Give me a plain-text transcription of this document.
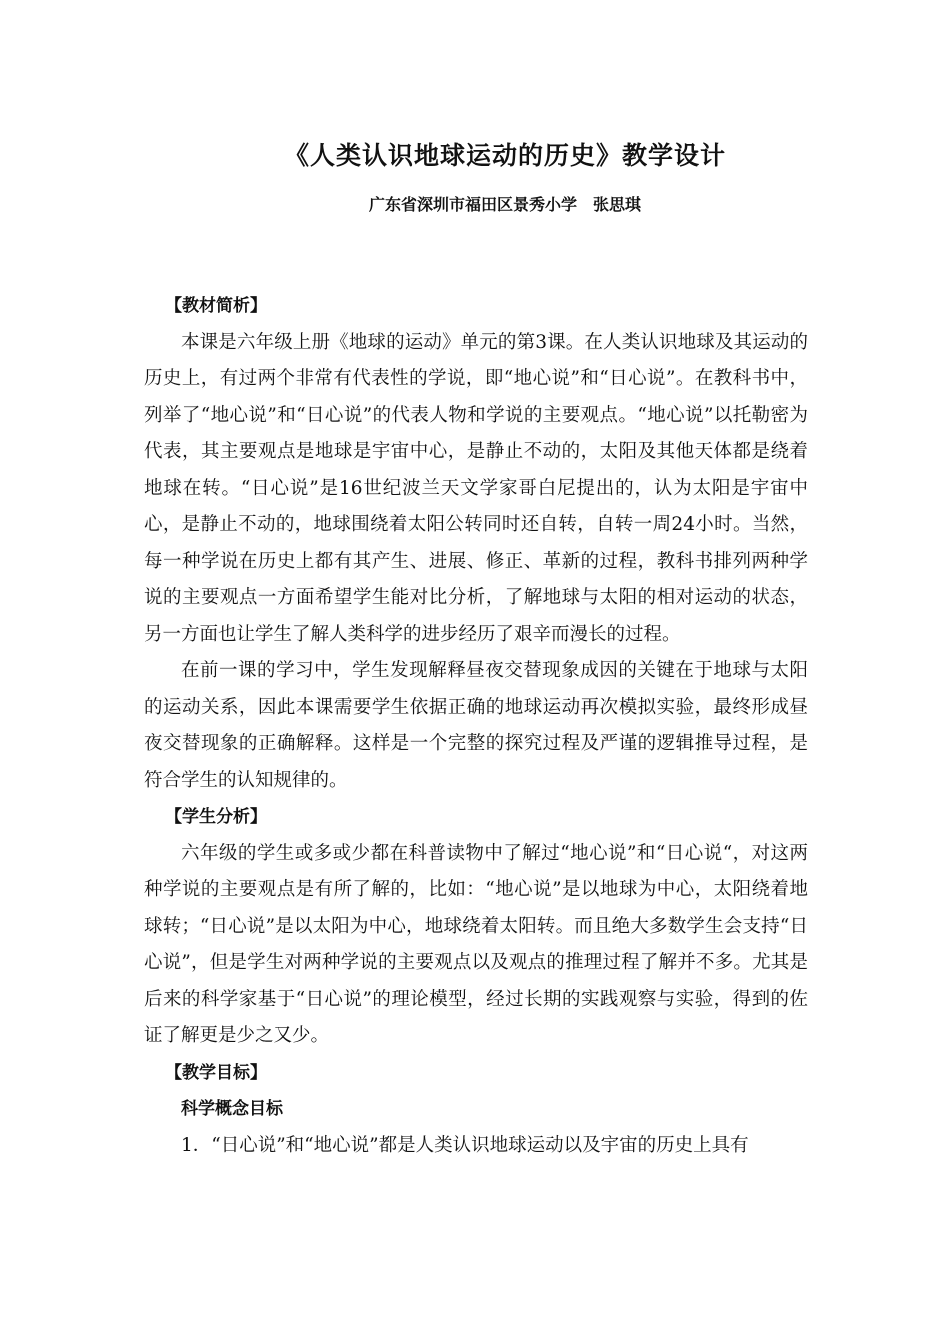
《人类认识地球运动的历史》教学设计
广东省深圳市福田区景秀小学　张思琪
【教材简析】

本课是六年级上册《地球的运动》单元的第3课。在人类认识地球及其运动的历史上，有过两个非常有代表性的学说，即“地心说”和“日心说”。在教科书中，列举了“地心说”和“日心说”的代表人物和学说的主要观点。“地心说”以托勒密为代表，其主要观点是地球是宇宙中心，是静止不动的，太阳及其他天体都是绕着地球在转。“日心说”是16世纪波兰天文学家哥白尼提出的，认为太阳是宇宙中心，是静止不动的，地球围绕着太阳公转同时还自转，自转一周24小时。当然，每一种学说在历史上都有其产生、进展、修正、革新的过程，教科书排列两种学说的主要观点一方面希望学生能对比分析，了解地球与太阳的相对运动的状态，另一方面也让学生了解人类科学的进步经历了艰辛而漫长的过程。

在前一课的学习中，学生发现解释昼夜交替现象成因的关键在于地球与太阳的运动关系，因此本课需要学生依据正确的地球运动再次模拟实验，最终形成昼夜交替现象的正确解释。这样是一个完整的探究过程及严谨的逻辑推导过程，是符合学生的认知规律的。

【学生分析】

六年级的学生或多或少都在科普读物中了解过“地心说”和“日心说“，对这两种学说的主要观点是有所了解的，比如：“地心说”是以地球为中心，太阳绕着地球转；“日心说”是以太阳为中心，地球绕着太阳转。而且绝大多数学生会支持“日心说”，但是学生对两种学说的主要观点以及观点的推理过程了解并不多。尤其是后来的科学家基于“日心说”的理论模型，经过长期的实践观察与实验，得到的佐证了解更是少之又少。

【教学目标】
科学概念目标

1．“日心说”和“地心说”都是人类认识地球运动以及宇宙的历史上具有
